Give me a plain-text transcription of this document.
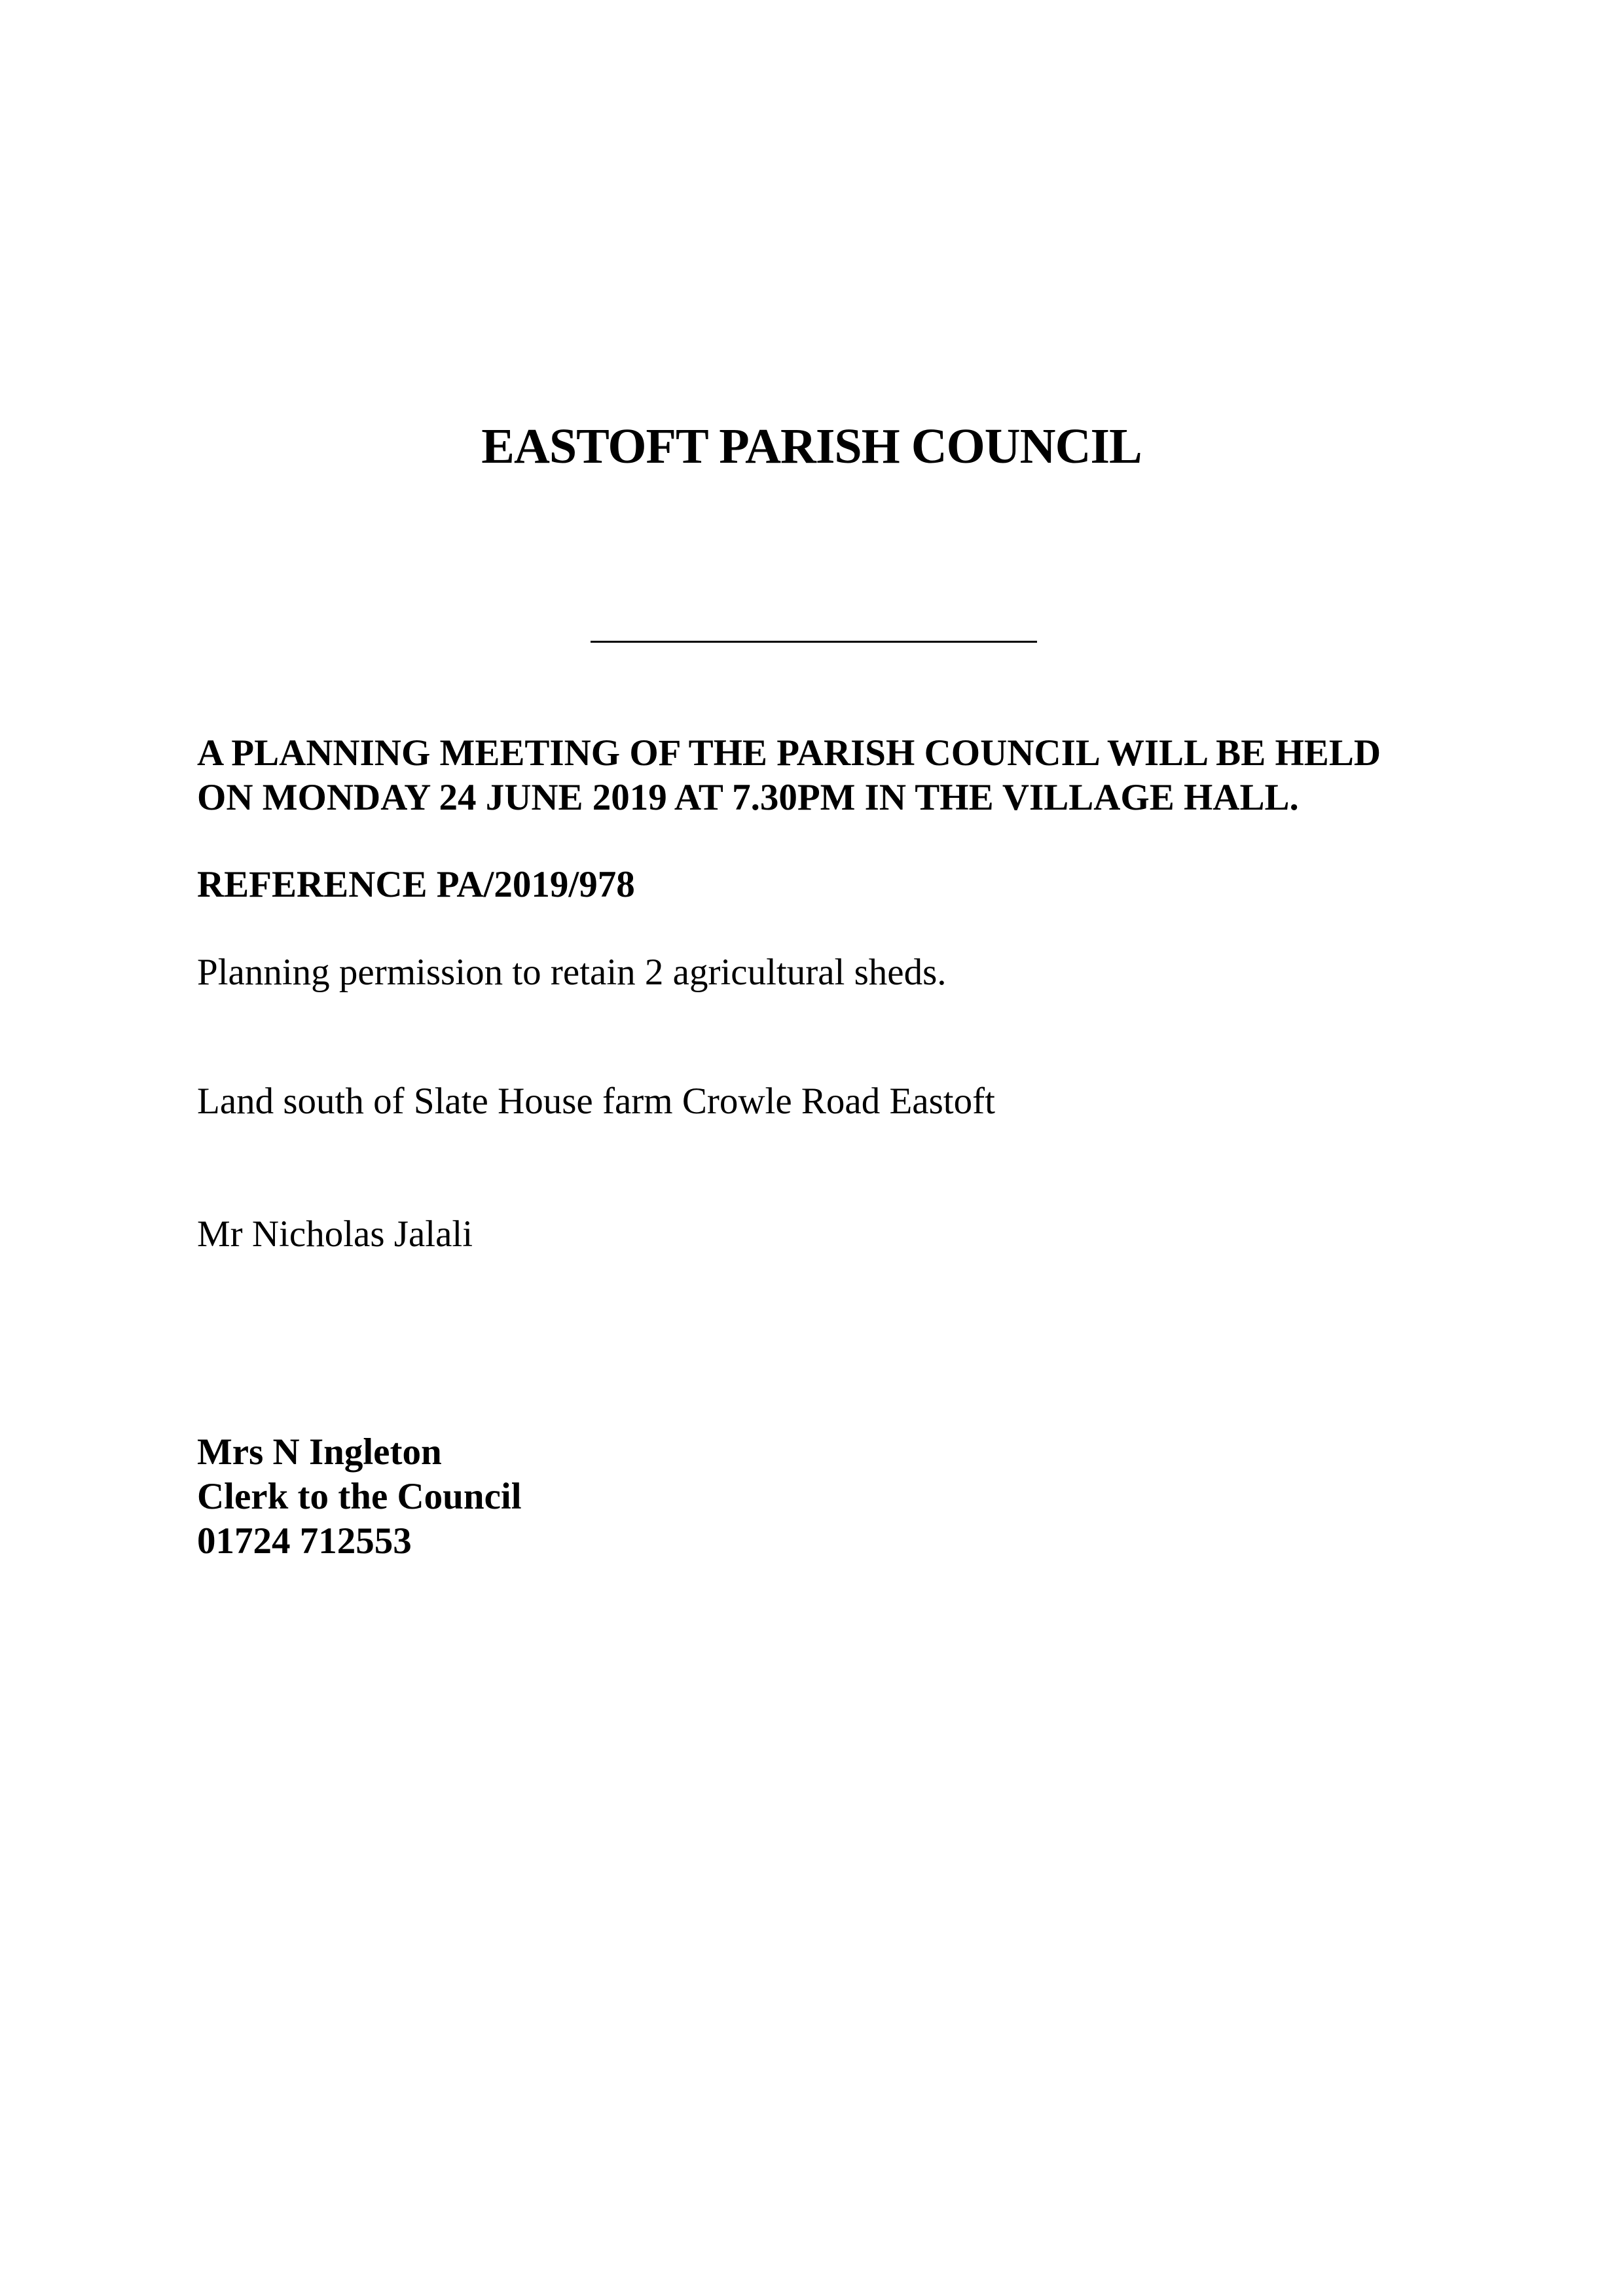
EASTOFT PARISH COUNCIL
A PLANNING MEETING OF THE PARISH COUNCIL WILL BE HELD
ON MONDAY 24 JUNE 2019 AT 7.30PM IN THE VILLAGE HALL.
REFERENCE PA/2019/978
Planning permission to retain 2 agricultural sheds.
Land south of Slate House farm Crowle Road Eastoft
Mr Nicholas Jalali
Mrs N Ingleton
Clerk to the Council
01724 712553
